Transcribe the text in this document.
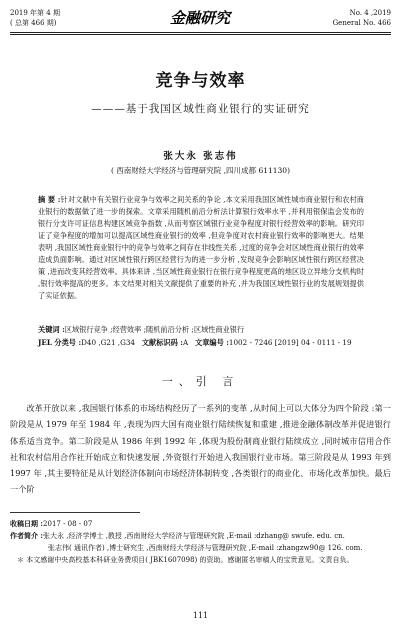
2019 年第 4 期
( 总第 466 期)	金融研究	No. 4 ,2019
General No. 466
竞争与效率
———基于我国区域性商业银行的实证研究
张大永 张志伟
( 西南财经大学经济与管理研究院 ,四川成都 611130)
摘 要 :针对文献中有关银行业竞争与效率之间关系的争论 ,本文采用我国区域性城市商业银行和农村商业银行的数据做了进一步的探索。文章采用随机前沿分析法计算银行效率水平 ,并利用银保监会发布的银行分支许可证信息构建区域竞争指数 ,从而考察区域银行业竞争程度对银行经营效率的影响。研究印证了竞争程度的增加可以提高区域性商业银行的效率 ,但竞争度对农村商业银行效率的影响更大。结果表明 ,我国区域性商业银行中的竞争与效率之间存在非线性关系 ,过度的竞争会对区域性商业银行的效率造成负面影响。通过对区域性银行跨区经营行为的进一步分析 ,发现竞争会影响区域性银行跨区经营决策 ,进而改变其经营效率。具体来讲 ,当区域性商业银行在银行竞争程度更高的地区设立异地分支机构时 ,银行效率提高的更多。本文结果对相关文献提供了重要的补充 ,并为我国区域性银行业的发展规划提供了实证依据。
关键词 :区域银行竞争 ;经营效率 ;随机前沿分析 ;区域性商业银行
JEL 分类号 :D40 ,G21 ,G34 文献标识码 :A 文章编号 :1002 - 7246 [2019] 04 - 0111 - 19
一、引 言
改革开放以来 ,我国银行体系的市场结构经历了一系列的变革 ,从时间上可以大体分为四个阶段 :第一阶段是从 1979 年至 1984 年 ,表现为四大国有商业银行陆续恢复和重建 ,推进金融体制改革并促进银行体系适当竞争。第二阶段是从 1986 年到 1992 年 ,体现为股份制商业银行陆续成立 ,同时城市信用合作社和农村信用合作社开始成立和快速发展 ,外资银行开始进入我国银行业市场。第三阶段是从 1993 年到 1997 年 ,其主要特征是从计划经济体制向市场经济体制转变 ,各类银行的商业化、市场化改革加快。最后一个阶

收稿日期 :2017 - 08 - 07

作者简介 :张大永 ,经济学博士 ,教授 ,西南财经大学经济与管理研究院 ,E-mail :dzhang@ swufe. edu. cn.

张志伟( 通讯作者) ,博士研究生 ,西南财经大学经济与管理研究院 ,E-mail :zhangzw90@ 126. com.

＊ 本文感谢中央高校基本科研业务费项目( JBK1607098) 的资助。感谢匿名审稿人的宝贵意见。文责自负。

111
